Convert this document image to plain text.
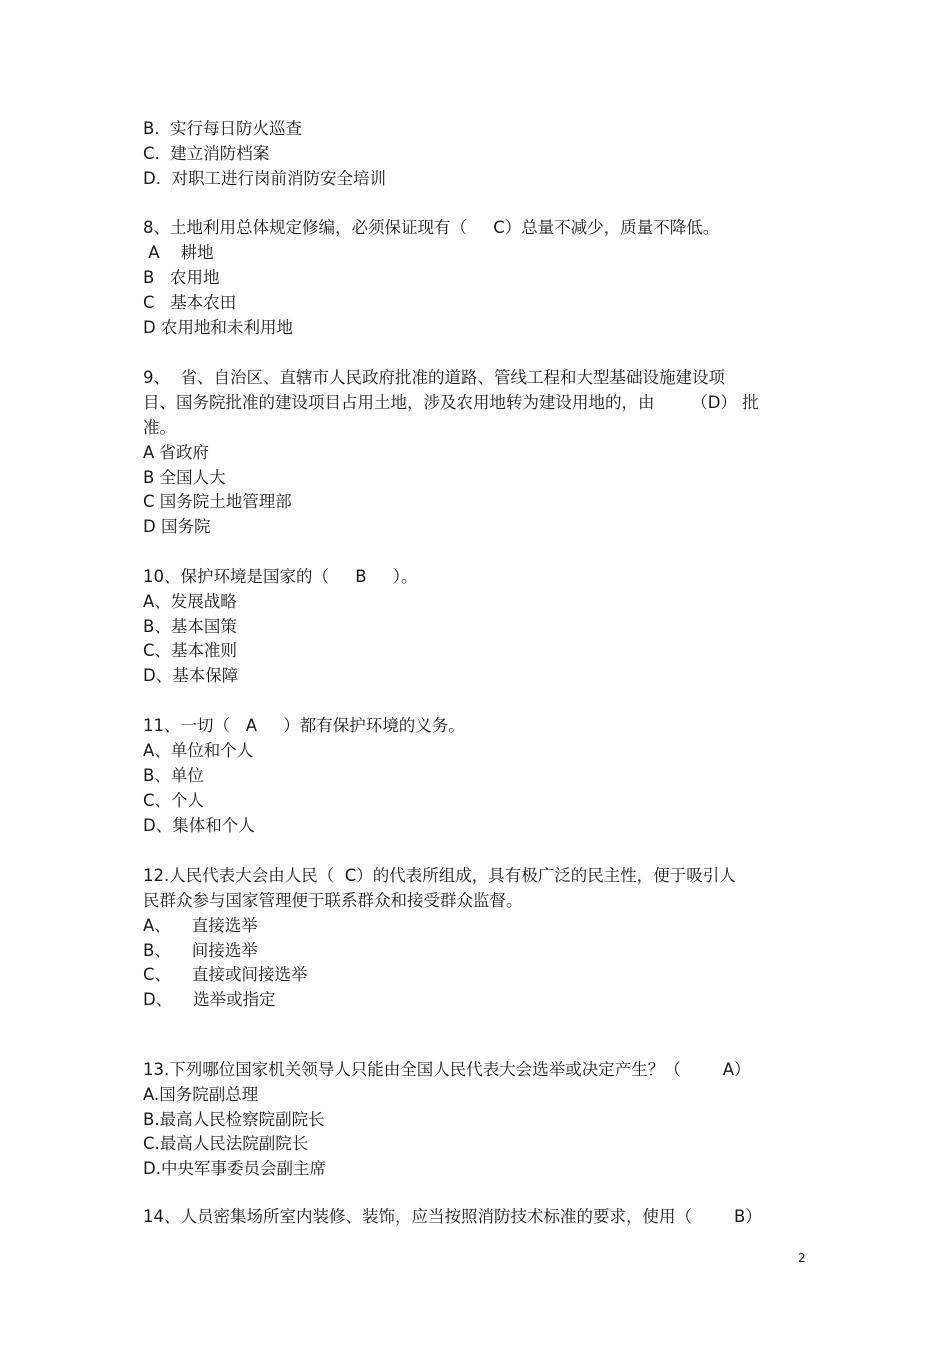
B.  实行每日防火巡查
C.  建立消防档案
D.  对职工进行岗前消防安全培训
8、土地利用总体规定修编，必须保证现有（     C）总量不减少，质量不降低。
A    耕地
B   农用地
C   基本农田
D 农用地和未利用地
9、  省、自治区、直辖市人民政府批准的道路、管线工程和大型基础设施建设项
目、国务院批准的建设项目占用土地，涉及农用地转为建设用地的，由       （D） 批
准。
A 省政府
B 全国人大
C 国务院土地管理部
D 国务院
10、保护环境是国家的（     B     ）。
A、发展战略
B、基本国策
C、基本准则
D、基本保障
11、一切（   A     ）都有保护环境的义务。
A、单位和个人
B、单位
C、个人
D、集体和个人
12.人民代表大会由人民（  C）的代表所组成，具有极广泛的民主性，便于吸引人
民群众参与国家管理便于联系群众和接受群众监督。
A、    直接选举
B、    间接选举
C、    直接或间接选举
D、    选举或指定
13.下列哪位国家机关领导人只能由全国人民代表大会选举或决定产生？（        A）
A.国务院副总理
B.最高人民检察院副院长
C.最高人民法院副院长
D.中央军事委员会副主席
14、人员密集场所室内装修、装饰，应当按照消防技术标准的要求，使用（        B）
2
